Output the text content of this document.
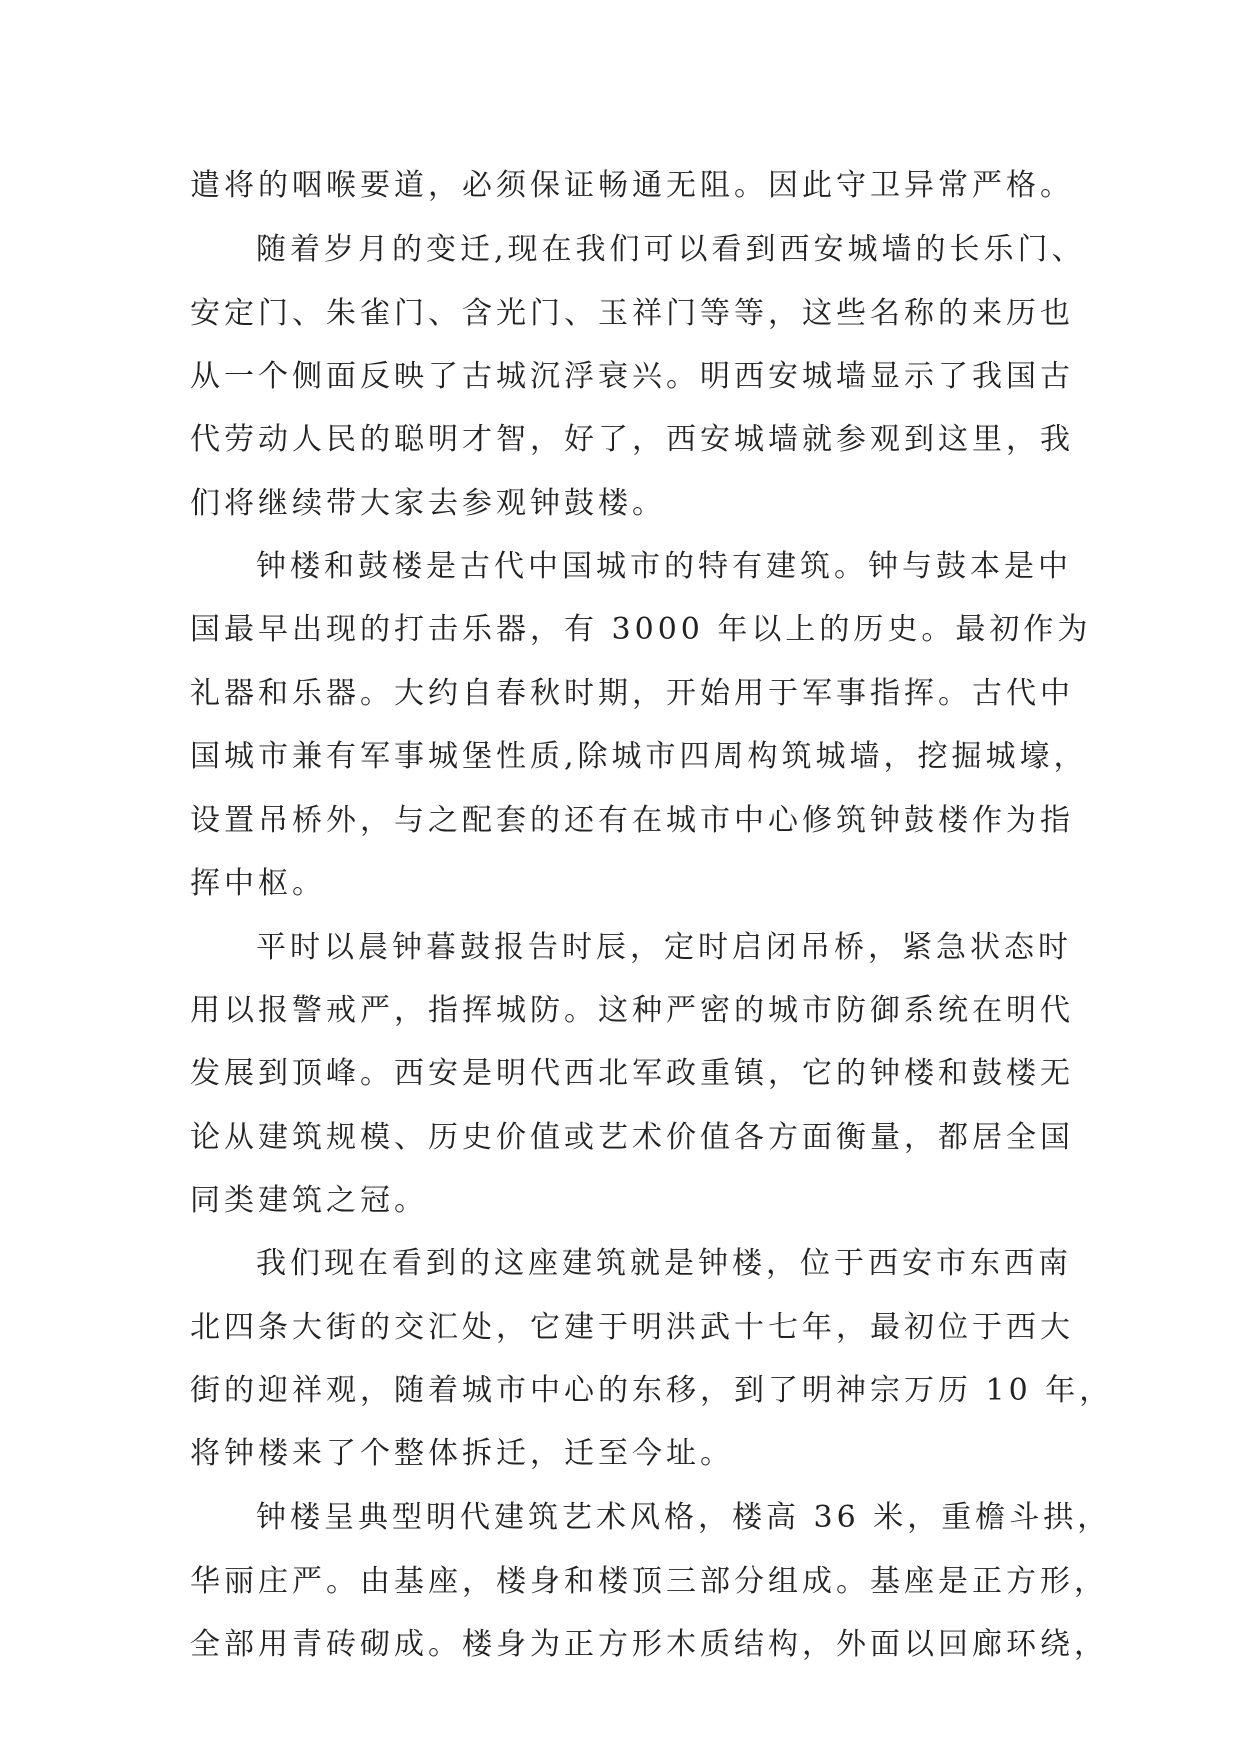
遣将的咽喉要道，必须保证畅通无阻。因此守卫异常严格。

随着岁月的变迁,现在我们可以看到西安城墙的长乐门、

安定门、朱雀门、含光门、玉祥门等等，这些名称的来历也

从一个侧面反映了古城沉浮衰兴。明西安城墙显示了我国古

代劳动人民的聪明才智，好了，西安城墙就参观到这里，我

们将继续带大家去参观钟鼓楼。

钟楼和鼓楼是古代中国城市的特有建筑。钟与鼓本是中

国最早出现的打击乐器，有 3000 年以上的历史。最初作为

礼器和乐器。大约自春秋时期，开始用于军事指挥。古代中

国城市兼有军事城堡性质,除城市四周构筑城墙，挖掘城壕，

设置吊桥外，与之配套的还有在城市中心修筑钟鼓楼作为指

挥中枢。

平时以晨钟暮鼓报告时辰，定时启闭吊桥，紧急状态时

用以报警戒严，指挥城防。这种严密的城市防御系统在明代

发展到顶峰。西安是明代西北军政重镇，它的钟楼和鼓楼无

论从建筑规模、历史价值或艺术价值各方面衡量，都居全国

同类建筑之冠。

我们现在看到的这座建筑就是钟楼，位于西安市东西南

北四条大街的交汇处，它建于明洪武十七年，最初位于西大

街的迎祥观，随着城市中心的东移，到了明神宗万历 10 年，

将钟楼来了个整体拆迁，迁至今址。

钟楼呈典型明代建筑艺术风格，楼高 36 米，重檐斗拱，

华丽庄严。由基座，楼身和楼顶三部分组成。基座是正方形，

全部用青砖砌成。楼身为正方形木质结构，外面以回廊环绕，
